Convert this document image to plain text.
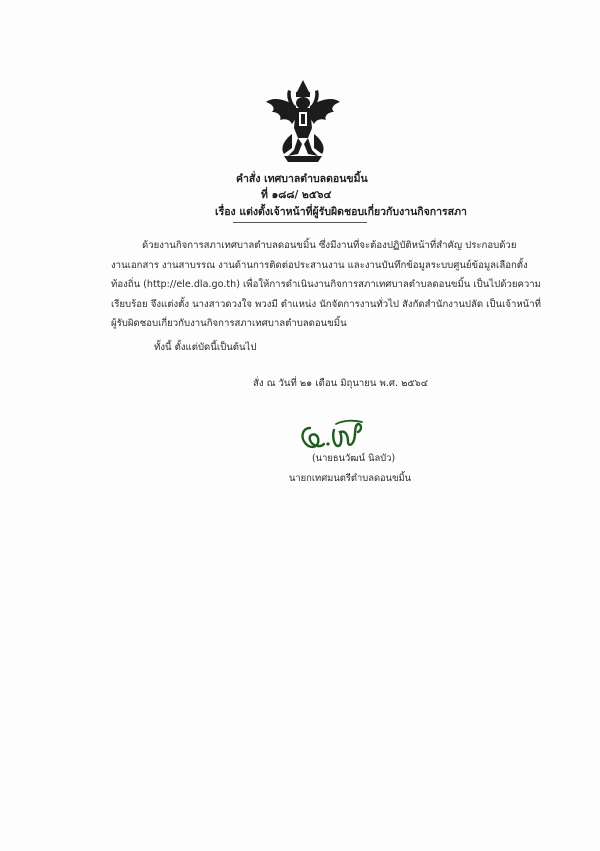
คำสั่ง เทศบาลตำบลดอนขมิ้น
ที่ ๑๘๘/ ๒๕๖๔
เรื่อง แต่งตั้งเจ้าหน้าที่ผู้รับผิดชอบเกี่ยวกับงานกิจการสภา
ด้วยงานกิจการสภาเทศบาลตำบลดอนขมิ้น ซึ่งมีงานที่จะต้องปฏิบัติหน้าที่สำคัญ ประกอบด้วย
งานเอกสาร งานสาบรรณ งานด้านการติดต่อประสานงาน และงานบันทึกข้อมูลระบบศูนย์ข้อมูลเลือกตั้ง
ท้องถิ่น (http://ele.dla.go.th) เพื่อให้การดำเนินงานกิจการสภาเทศบาลตำบลดอนขมิ้น เป็นไปด้วยความ
เรียบร้อย จึงแต่งตั้ง นางสาวดวงใจ พวงมี ตำแหน่ง นักจัดการงานทั่วไป สังกัดสำนักงานปลัด เป็นเจ้าหน้าที่
ผู้รับผิดชอบเกี่ยวกับงานกิจการสภาเทศบาลตำบลดอนขมิ้น
ทั้งนี้ ตั้งแต่บัดนี้เป็นต้นไป
สั่ง ณ วันที่ ๒๑ เดือน มิถุนายน พ.ศ. ๒๕๖๔
(นายธนวัฒน์ นิลบัว)
นายกเทศมนตรีตำบลดอนขมิ้น
